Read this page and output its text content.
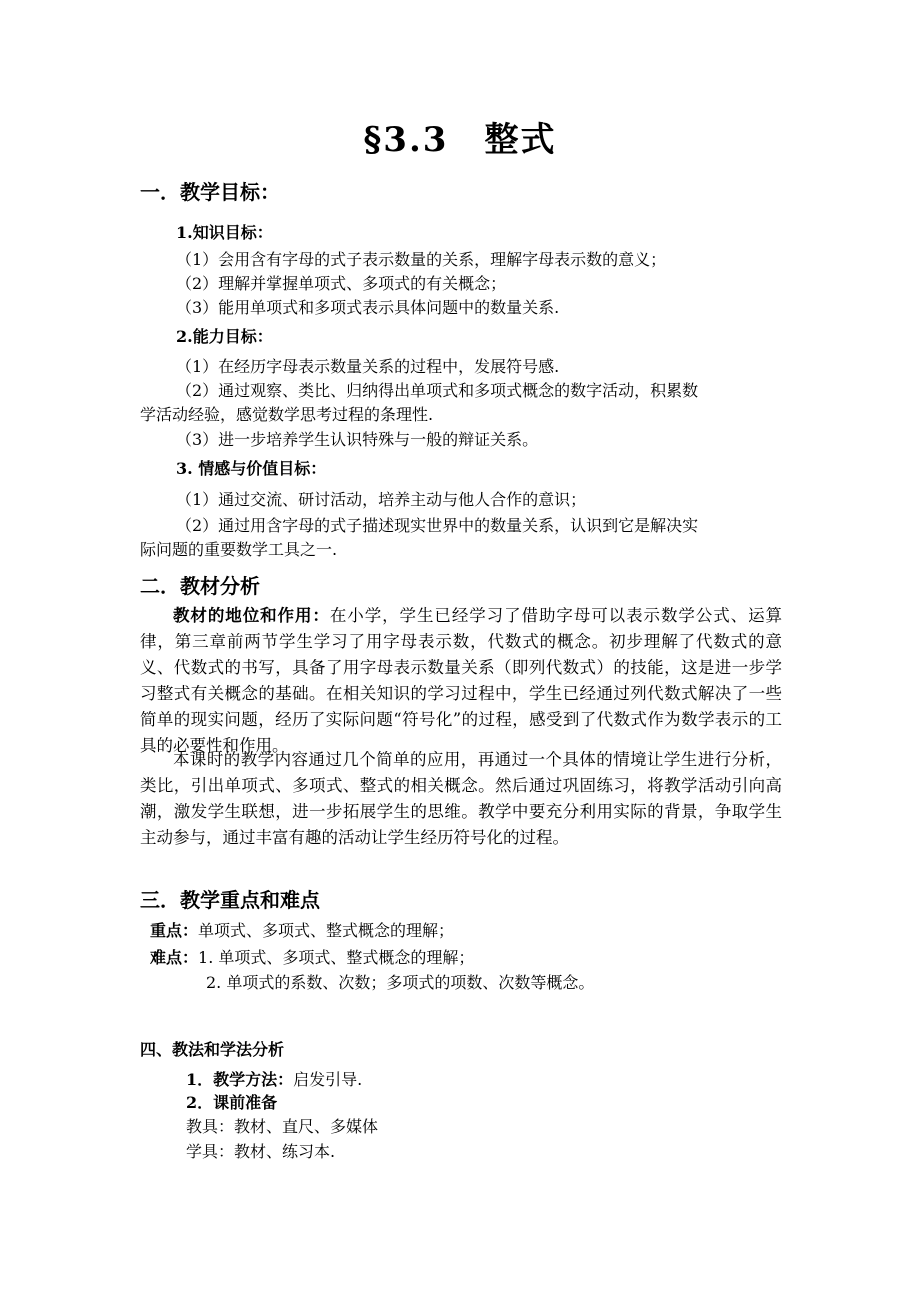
§3.3　整式
一．教学目标：
1.知识目标：
（1）会用含有字母的式子表示数量的关系，理解字母表示数的意义；
（2）理解并掌握单项式、多项式的有关概念；
（3）能用单项式和多项式表示具体问题中的数量关系.
2.能力目标：
（1）在经历字母表示数量关系的过程中，发展符号感.
（2）通过观察、类比、归纳得出单项式和多项式概念的数字活动，积累数
学活动经验，感觉数学思考过程的条理性.
（3）进一步培养学生认识特殊与一般的辩证关系。
3. 情感与价值目标：
（1）通过交流、研讨活动，培养主动与他人合作的意识；
（2）通过用含字母的式子描述现实世界中的数量关系，认识到它是解决实
际问题的重要数学工具之一.
二．教材分析
教材的地位和作用：在小学，学生已经学习了借助字母可以表示数学公式、运算律，第三章前两节学生学习了用字母表示数，代数式的概念。初步理解了代数式的意义、代数式的书写，具备了用字母表示数量关系（即列代数式）的技能，这是进一步学习整式有关概念的基础。在相关知识的学习过程中，学生已经通过列代数式解决了一些简单的现实问题，经历了实际问题“符号化”的过程，感受到了代数式作为数学表示的工具的必要性和作用。
本课时的教学内容通过几个简单的应用，再通过一个具体的情境让学生进行分析，类比，引出单项式、多项式、整式的相关概念。然后通过巩固练习，将教学活动引向高潮，激发学生联想，进一步拓展学生的思维。教学中要充分利用实际的背景，争取学生主动参与，通过丰富有趣的活动让学生经历符号化的过程。
三．教学重点和难点
重点：单项式、多项式、整式概念的理解；
难点：1. 单项式、多项式、整式概念的理解；
2. 单项式的系数、次数；多项式的项数、次数等概念。
四、教法和学法分析
1．教学方法：启发引导.
2．课前准备
教具：教材、直尺、多媒体
学具：教材、练习本.
